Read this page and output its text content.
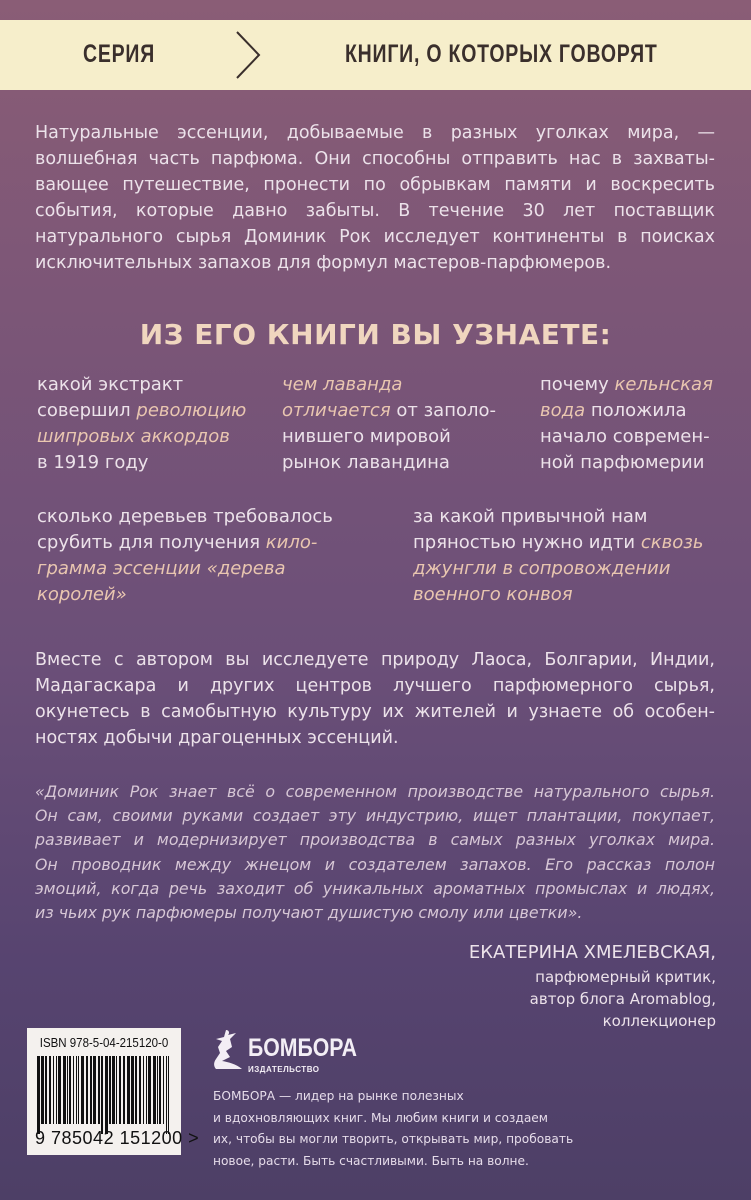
СЕРИЯ	КНИГИ, О КОТОРЫХ ГОВОРЯТ
Натуральные эссенции, добываемые в разных уголках мира, —
волшебная часть парфюма. Они способны отправить нас в захваты-
вающее путешествие, пронести по обрывкам памяти и воскресить
события, которые давно забыты. В течение 30 лет поставщик
натурального сырья Доминик Рок исследует континенты в поисках
исключительных запахов для формул мастеров-парфюмеров.
ИЗ ЕГО КНИГИ ВЫ УЗНАЕТЕ:
какой экстракт
совершил революцию
шипровых аккордов
в 1919 году
чем лаванда
отличается от заполо-
нившего мировой
рынок лавандина
почему кельнская
вода положила
начало современ-
ной парфюмерии
сколько деревьев требовалось
срубить для получения кило-
грамма эссенции «дерева
королей»
за какой привычной нам
пряностью нужно идти сквозь
джунгли в сопровождении
военного конвоя
Вместе с автором вы исследуете природу Лаоса, Болгарии, Индии,
Мадагаскара и других центров лучшего парфюмерного сырья,
окунетесь в самобытную культуру их жителей и узнаете об особен-
ностях добычи драгоценных эссенций.
«Доминик Рок знает всё о современном производстве натурального сырья.
Он сам, своими руками создает эту индустрию, ищет плантации, покупает,
развивает и модернизирует производства в самых разных уголках мира.
Он проводник между жнецом и создателем запахов. Его рассказ полон
эмоций, когда речь заходит об уникальных ароматных промыслах и людях,
из чьих рук парфюмеры получают душистую смолу или цветки».
ЕКАТЕРИНА ХМЕЛЕВСКАЯ,
парфюмерный критик,
автор блога Aromablog,
коллекционер
ISBN 978-5-04-215120-0
9 785042 151200 >
БОМБОРА
ИЗДАТЕЛЬСТВО
БОМБОРА — лидер на рынке полезных
и вдохновляющих книг. Мы любим книги и создаем
их, чтобы вы могли творить, открывать мир, пробовать
новое, расти. Быть счастливыми. Быть на волне.
